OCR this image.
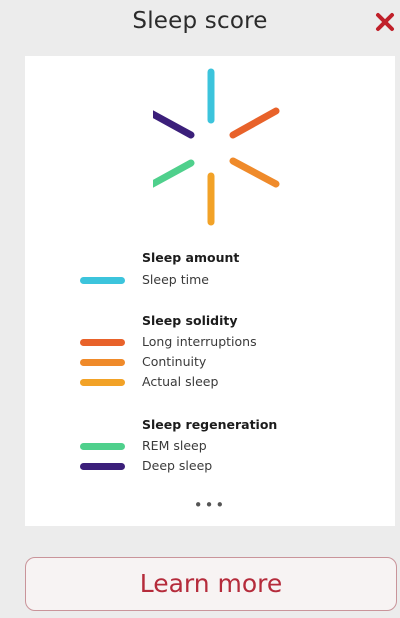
Sleep score
Sleep amount
Sleep time
Sleep solidity
Long interruptions
Continuity
Actual sleep
Sleep regeneration
REM sleep
Deep sleep
•••
Learn more
